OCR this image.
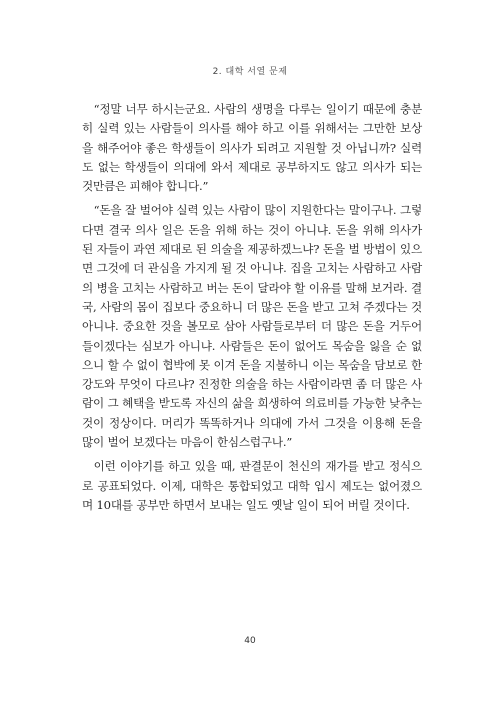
2. 대학 서열 문제

“정말 너무 하시는군요. 사람의 생명을 다루는 일이기 때문에 충분히 실력 있는 사람들이 의사를 해야 하고 이를 위해서는 그만한 보상을 해주어야 좋은 학생들이 의사가 되려고 지원할 것 아닙니까? 실력도 없는 학생들이 의대에 와서 제대로 공부하지도 않고 의사가 되는 것만큼은 피해야 합니다.”

“돈을 잘 벌어야 실력 있는 사람이 많이 지원한다는 말이구나. 그렇다면 결국 의사 일은 돈을 위해 하는 것이 아니냐. 돈을 위해 의사가 된 자들이 과연 제대로 된 의술을 제공하겠느냐? 돈을 벌 방법이 있으면 그것에 더 관심을 가지게 될 것 아니냐. 집을 고치는 사람하고 사람의 병을 고치는 사람하고 버는 돈이 달라야 할 이유를 말해 보거라. 결국, 사람의 몸이 집보다 중요하니 더 많은 돈을 받고 고쳐 주겠다는 것 아니냐. 중요한 것을 볼모로 삼아 사람들로부터 더 많은 돈을 거두어들이겠다는 심보가 아니냐. 사람들은 돈이 없어도 목숨을 잃을 순 없으니 할 수 없이 협박에 못 이겨 돈을 지불하니 이는 목숨을 담보로 한 강도와 무엇이 다르냐? 진정한 의술을 하는 사람이라면 좀 더 많은 사람이 그 혜택을 받도록 자신의 삶을 희생하여 의료비를 가능한 낮추는 것이 정상이다. 머리가 똑똑하거나 의대에 가서 그것을 이용해 돈을 많이 벌어 보겠다는 마음이 한심스럽구나.”

이런 이야기를 하고 있을 때, 판결문이 천신의 재가를 받고 정식으로 공표되었다. 이제, 대학은 통합되었고 대학 입시 제도는 없어졌으며 10대를 공부만 하면서 보내는 일도 옛날 일이 되어 버릴 것이다.

40
